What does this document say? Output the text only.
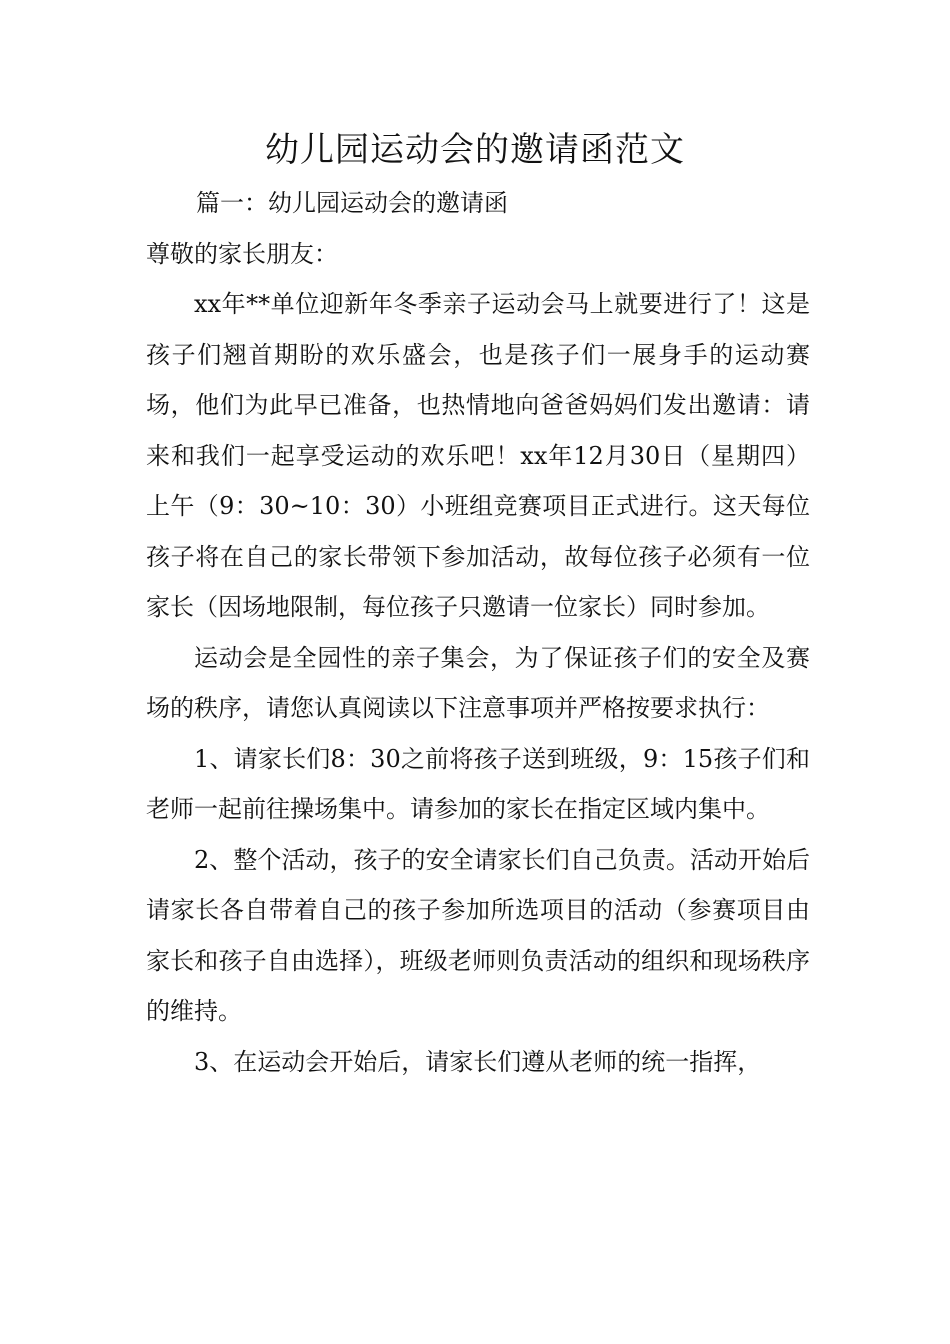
幼儿园运动会的邀请函范文

篇一：幼儿园运动会的邀请函

尊敬的家长朋友：

xx年**单位迎新年冬季亲子运动会马上就要进行了！这是孩子们翘首期盼的欢乐盛会，也是孩子们一展身手的运动赛场，他们为此早已准备，也热情地向爸爸妈妈们发出邀请：请来和我们一起享受运动的欢乐吧！xx年12月30日（星期四）上午（9：30~10：30）小班组竞赛项目正式进行。这天每位孩子将在自己的家长带领下参加活动，故每位孩子必须有一位家长（因场地限制，每位孩子只邀请一位家长）同时参加。

运动会是全园性的亲子集会，为了保证孩子们的安全及赛场的秩序，请您认真阅读以下注意事项并严格按要求执行：

1、请家长们8：30之前将孩子送到班级，9：15孩子们和老师一起前往操场集中。请参加的家长在指定区域内集中。

2、整个活动，孩子的安全请家长们自己负责。活动开始后请家长各自带着自己的孩子参加所选项目的活动（参赛项目由家长和孩子自由选择），班级老师则负责活动的组织和现场秩序的维持。

3、在运动会开始后，请家长们遵从老师的统一指挥，
